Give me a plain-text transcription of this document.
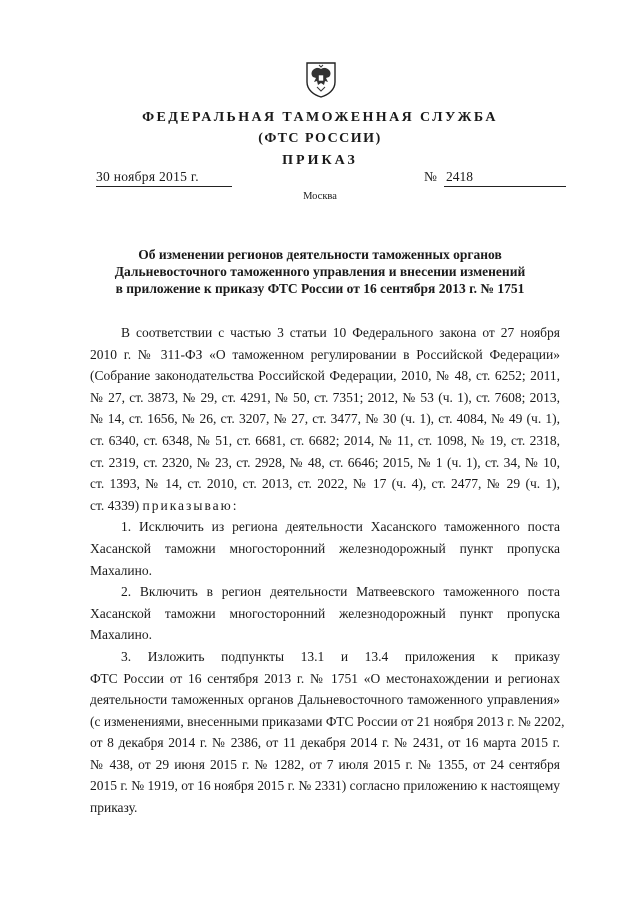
ФЕДЕРАЛЬНАЯ ТАМОЖЕННАЯ СЛУЖБА
(ФТС РОССИИ)
ПРИКАЗ
30 ноября 2015 г.	№ 2418
Москва
Об изменении регионов деятельности таможенных органов
Дальневосточного таможенного управления и внесении изменений
в приложение к приказу ФТС России от 16 сентября 2013 г. № 1751
В соответствии с частью 3 статьи 10 Федерального закона от 27 ноября
2010 г. № 311-ФЗ «О таможенном регулировании в Российской Федерации»
(Собрание законодательства Российской Федерации, 2010, № 48, ст. 6252; 2011,
№ 27, ст. 3873, № 29, ст. 4291, № 50, ст. 7351; 2012, № 53 (ч. 1), ст. 7608; 2013,
№ 14, ст. 1656, № 26, ст. 3207, № 27, ст. 3477, № 30 (ч. 1), ст. 4084, № 49 (ч. 1),
ст. 6340, ст. 6348, № 51, ст. 6681, ст. 6682; 2014, № 11, ст. 1098, № 19, ст. 2318,
ст. 2319, ст. 2320, № 23, ст. 2928, № 48, ст. 6646; 2015, № 1 (ч. 1), ст. 34, № 10,
ст. 1393, № 14, ст. 2010, ст. 2013, ст. 2022, № 17 (ч. 4), ст. 2477, № 29 (ч. 1),
ст. 4339) приказываю:
1. Исключить из региона деятельности Хасанского таможенного поста
Хасанской таможни многосторонний железнодорожный пункт пропуска
Махалино.
2. Включить в регион деятельности Матвеевского таможенного поста
Хасанской таможни многосторонний железнодорожный пункт пропуска
Махалино.
3. Изложить подпункты 13.1 и 13.4 приложения к приказу
ФТС России от 16 сентября 2013 г. № 1751 «О местонахождении и регионах
деятельности таможенных органов Дальневосточного таможенного управления»
(с изменениями, внесенными приказами ФТС России от 21 ноября 2013 г. № 2202,
от 8 декабря 2014 г. № 2386, от 11 декабря 2014 г. № 2431, от 16 марта 2015 г.
№ 438, от 29 июня 2015 г. № 1282, от 7 июля 2015 г. № 1355, от 24 сентября
2015 г. № 1919, от 16 ноября 2015 г. № 2331) согласно приложению к настоящему
приказу.
